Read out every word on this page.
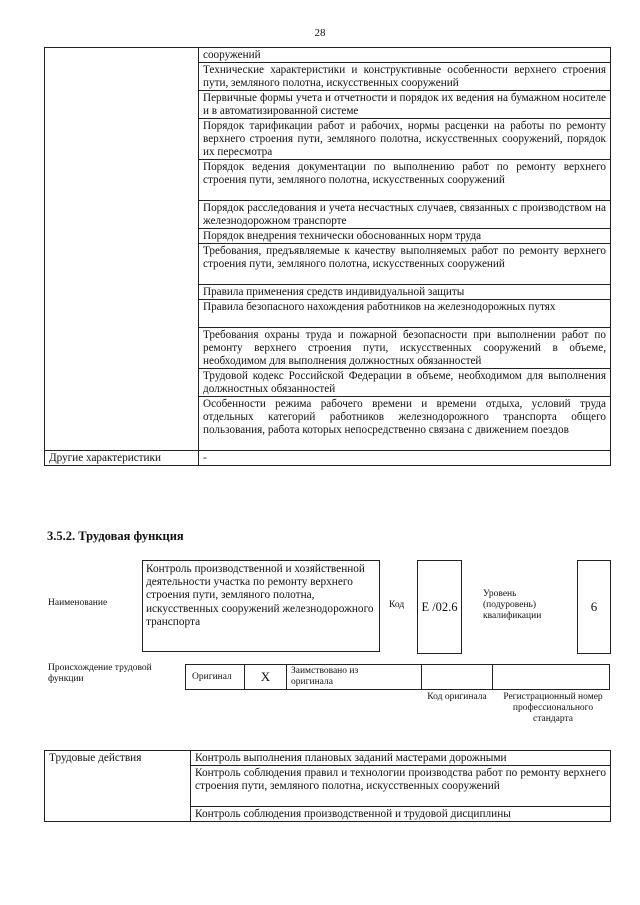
28
	сооружений
	Технические характеристики и конструктивные особенности верхнего строения пути, земляного полотна, искусственных сооружений
	Первичные формы учета и отчетности и порядок их ведения на бумажном носителе и в автоматизированной системе
	Порядок тарификации работ и рабочих, нормы расценки на работы по ремонту верхнего строения пути, земляного полотна, искусственных сооружений, порядок их пересмотра
	Порядок ведения документации по выполнению работ по ремонту верхнего строения пути, земляного полотна, искусственных сооружений
	Порядок расследования и учета несчастных случаев, связанных с производством на железнодорожном транспорте
	Порядок внедрения технически обоснованных норм труда
	Требования, предъявляемые к качеству выполняемых работ по ремонту верхнего строения пути, земляного полотна, искусственных сооружений
	Правила применения средств индивидуальной защиты
	Правила безопасного нахождения работников на железнодорожных путях
	Требования охраны труда и пожарной безопасности при выполнении работ по ремонту верхнего строения пути, искусственных сооружений в объеме, необходимом для выполнения должностных обязанностей
	Трудовой кодекс Российской Федерации в объеме, необходимом для выполнения должностных обязанностей
	Особенности режима рабочего времени и времени отдыха, условий труда отдельных категорий работников железнодорожного транспорта общего пользования, работа которых непосредственно связана с движением поездов
Другие характеристики	-
3.5.2. Трудовая функция
Наименование
Контроль производственной и хозяйственной деятельности участка по ремонту верхнего строения пути, земляного полотна, искусственных сооружений железнодорожного транспорта
Код E /02.6
Уровень (подуровень) квалификации
6
Происхождение трудовой функции	Оригинал X Заимствовано из оригинала
Код оригинала	Регистрационный номер профессионального стандарта
Трудовые действия	Контроль выполнения плановых заданий мастерами дорожными
Контроль соблюдения правил и технологии производства работ по ремонту верхнего строения пути, земляного полотна, искусственных сооружений
Контроль соблюдения производственной и трудовой дисциплины
